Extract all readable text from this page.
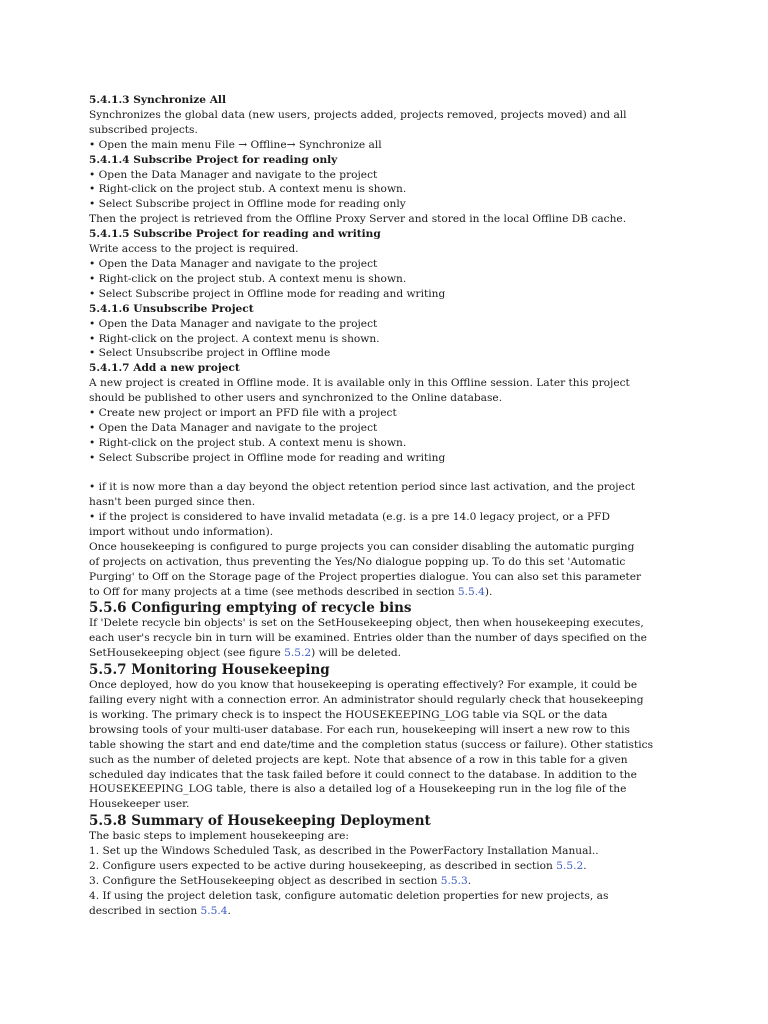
5.4.1.3 Synchronize All
Synchronizes the global data (new users, projects added, projects removed, projects moved) and all
subscribed projects.
• Open the main menu File → Offline→ Synchronize all
5.4.1.4 Subscribe Project for reading only
• Open the Data Manager and navigate to the project
• Right-click on the project stub. A context menu is shown.
• Select Subscribe project in Offline mode for reading only
Then the project is retrieved from the Offline Proxy Server and stored in the local Offline DB cache.
5.4.1.5 Subscribe Project for reading and writing
Write access to the project is required.
• Open the Data Manager and navigate to the project
• Right-click on the project stub. A context menu is shown.
• Select Subscribe project in Offline mode for reading and writing
5.4.1.6 Unsubscribe Project
• Open the Data Manager and navigate to the project
• Right-click on the project. A context menu is shown.
• Select Unsubscribe project in Offline mode
5.4.1.7 Add a new project
A new project is created in Offline mode. It is available only in this Offline session. Later this project
should be published to other users and synchronized to the Online database.
• Create new project or import an PFD file with a project
• Open the Data Manager and navigate to the project
• Right-click on the project stub. A context menu is shown.
• Select Subscribe project in Offline mode for reading and writing
• if it is now more than a day beyond the object retention period since last activation, and the project
hasn't been purged since then.
• if the project is considered to have invalid metadata (e.g. is a pre 14.0 legacy project, or a PFD
import without undo information).
Once housekeeping is configured to purge projects you can consider disabling the automatic purging
of projects on activation, thus preventing the Yes/No dialogue popping up. To do this set 'Automatic
Purging' to Off on the Storage page of the Project properties dialogue. You can also set this parameter
to Off for many projects at a time (see methods described in section 5.5.4).
5.5.6 Configuring emptying of recycle bins
If 'Delete recycle bin objects' is set on the SetHousekeeping object, then when housekeeping executes,
each user's recycle bin in turn will be examined. Entries older than the number of days specified on the
SetHousekeeping object (see figure 5.5.2) will be deleted.
5.5.7 Monitoring Housekeeping
Once deployed, how do you know that housekeeping is operating effectively? For example, it could be
failing every night with a connection error. An administrator should regularly check that housekeeping
is working. The primary check is to inspect the HOUSEKEEPING_LOG table via SQL or the data
browsing tools of your multi-user database. For each run, housekeeping will insert a new row to this
table showing the start and end date/time and the completion status (success or failure). Other statistics
such as the number of deleted projects are kept. Note that absence of a row in this table for a given
scheduled day indicates that the task failed before it could connect to the database. In addition to the
HOUSEKEEPING_LOG table, there is also a detailed log of a Housekeeping run in the log file of the
Housekeeper user.
5.5.8 Summary of Housekeeping Deployment
The basic steps to implement housekeeping are:
1. Set up the Windows Scheduled Task, as described in the PowerFactory Installation Manual..
2. Configure users expected to be active during housekeeping, as described in section 5.5.2.
3. Configure the SetHousekeeping object as described in section 5.5.3.
4. If using the project deletion task, configure automatic deletion properties for new projects, as
described in section 5.5.4.
